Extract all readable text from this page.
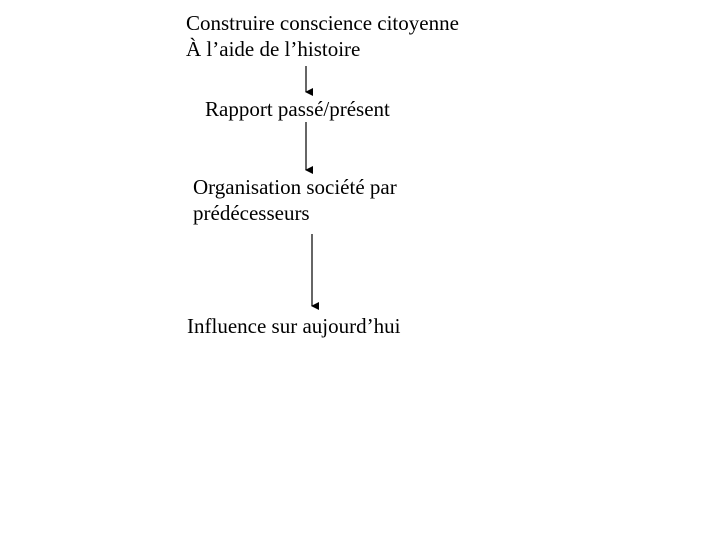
Construire conscience citoyenne
À l’aide de l’histoire
Rapport passé/présent
Organisation société par
prédécesseurs
Influence sur aujourd’hui
